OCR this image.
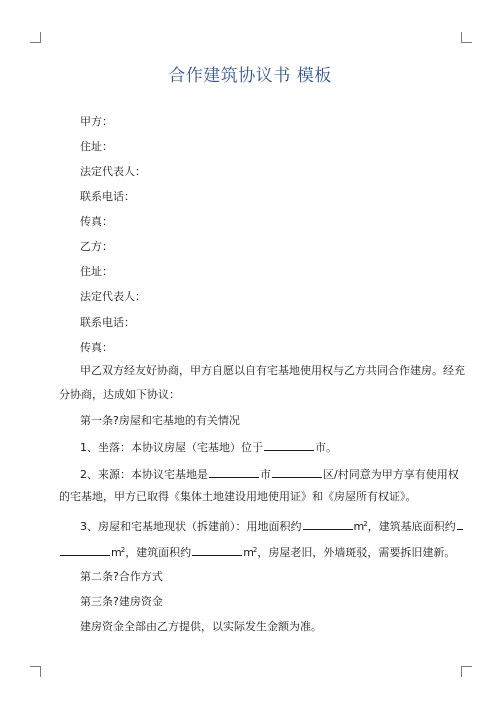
合作建筑协议书 模板
甲方：
住址：
法定代表人：
联系电话：
传真：
乙方：
住址：
法定代表人：
联系电话：
传真：
甲乙双方经友好协商，甲方自愿以自有宅基地使用权与乙方共同合作建房。经充
分协商，达成如下协议：
第一条?房屋和宅基地的有关情况
1、坐落：本协议房屋（宅基地）位于	市。
2、来源：本协议宅基地是	市	区/村同意为甲方享有使用权
的宅基地，甲方已取得《集体土地建设用地使用证》和《房屋所有权证》。
3、房屋和宅基地现状（拆建前）：用地面积约	$m^2$，建筑基底面积约
$m^2$，建筑面积约	$m^2$，房屋老旧，外墙斑驳，需要拆旧建新。
第二条?合作方式
第三条?建房资金
建房资金全部由乙方提供，以实际发生金额为准。
